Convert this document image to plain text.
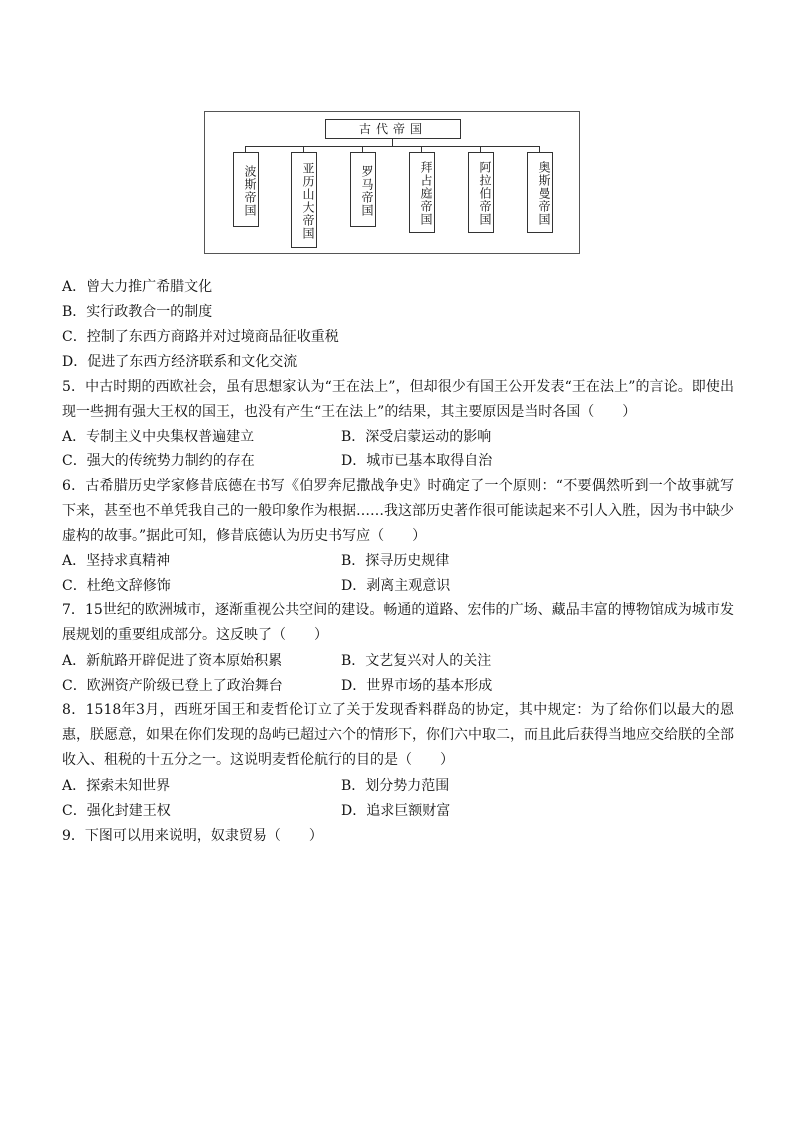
古代帝国
波斯帝国	亚历山大帝国	罗马帝国	拜占庭帝国	阿拉伯帝国	奥斯曼帝国
A．曾大力推广希腊文化
B．实行政教合一的制度
C．控制了东西方商路并对过境商品征收重税
D．促进了东西方经济联系和文化交流
5．中古时期的西欧社会，虽有思想家认为“王在法上”，但却很少有国王公开发表“王在法上”的言论。即使出现一些拥有强大王权的国王，也没有产生“王在法上”的结果，其主要原因是当时各国（　　）
A．专制主义中央集权普遍建立	B．深受启蒙运动的影响
C．强大的传统势力制约的存在	D．城市已基本取得自治
6．古希腊历史学家修昔底德在书写《伯罗奔尼撒战争史》时确定了一个原则：“不要偶然听到一个故事就写下来，甚至也不单凭我自己的一般印象作为根据……我这部历史著作很可能读起来不引人入胜，因为书中缺少虚构的故事。”据此可知，修昔底德认为历史书写应（　　）
A．坚持求真精神	B．探寻历史规律
C．杜绝文辞修饰	D．剥离主观意识
7．15世纪的欧洲城市，逐渐重视公共空间的建设。畅通的道路、宏伟的广场、藏品丰富的博物馆成为城市发展规划的重要组成部分。这反映了（　　）
A．新航路开辟促进了资本原始积累	B．文艺复兴对人的关注
C．欧洲资产阶级已登上了政治舞台	D．世界市场的基本形成
8．1518年3月，西班牙国王和麦哲伦订立了关于发现香料群岛的协定，其中规定：为了给你们以最大的恩惠，朕愿意，如果在你们发现的岛屿已超过六个的情形下，你们六中取二，而且此后获得当地应交给朕的全部收入、租税的十五分之一。这说明麦哲伦航行的目的是（　　）
A．探索未知世界	B．划分势力范围
C．强化封建王权	D．追求巨额财富
9．下图可以用来说明，奴隶贸易（　　）
